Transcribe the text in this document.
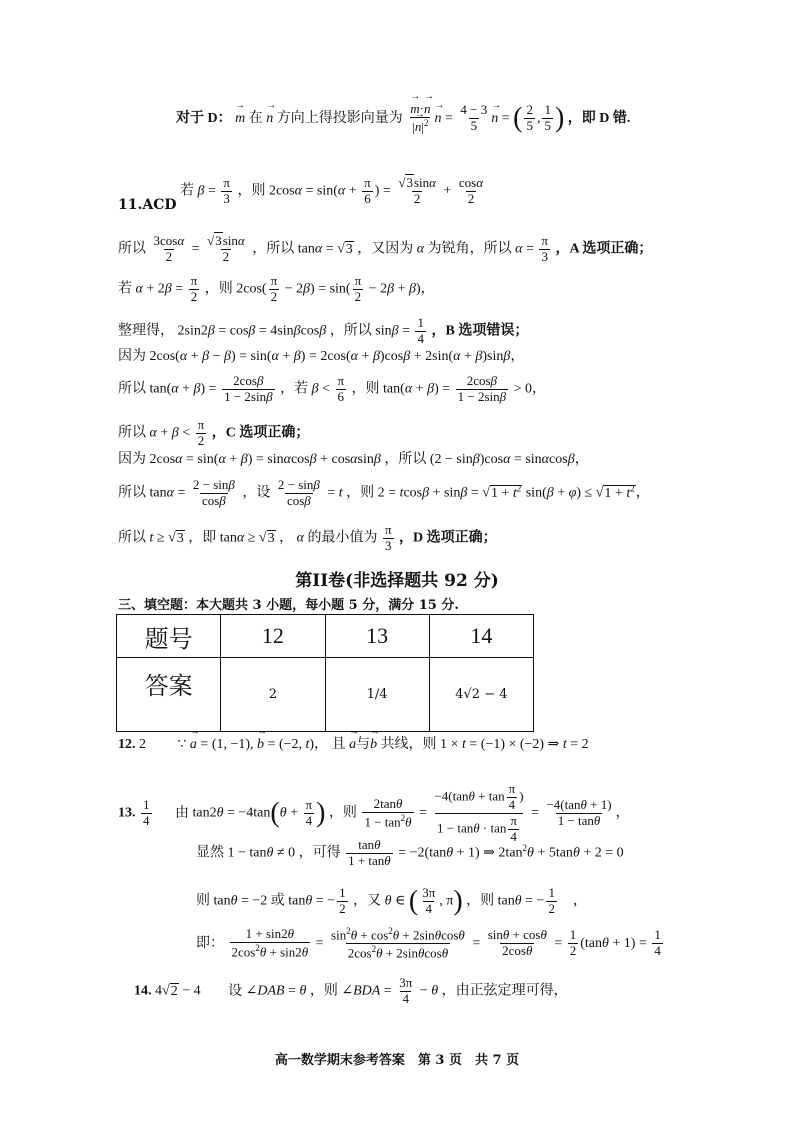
对于 D： → m 在 → n 方向上得投影向量为 → $\frac{m\cdot\to n}{|\to n|^2} \to n = \frac{4 - 3}{5} \to n$ = ( $\frac{2}{5}$ , $\frac{1}{5}$ ) ，即 D 错.
若 $\beta = \frac{\pi}{3}$ ，则 $2\cos\alpha = \sin(\alpha + \frac{\pi}{6}$ ) = $\frac{√3\sin\alpha}{2} + \frac{\cos\alpha}{2}$
11.ACD
所以 $\frac{3\cos\alpha}{2} = \frac{√3\sin\alpha}{2}$ ，所以 tanα = √3 ，又因为 α 为锐角，所以 $\alpha = \frac{\pi}{3}$ ，A 选项正确；
若 $\alpha + 2\beta = \frac{\pi}{2}$ ，则 $2\cos( \frac{\pi}{2} - 2\beta) = \sin( \frac{\pi}{2} - 2\beta + \beta)$，
整理得， 2sin2β = cosβ = 4sinβcosβ ，所以 $\sin\beta = \frac{1}{4}$ ，B 选项错误；
因为 2cos(α + β − β) = sin(α + β) = 2cos(α + β)cosβ + 2sin(α + β)sinβ，
所以 $\tan(\alpha + \beta) = \frac{2\cos\beta}{1 - 2\sin\beta}$ ，若 $\beta < \frac{\pi}{6}$ ，则 $\tan(\alpha + \beta) = \frac{2\cos\beta}{1 - 2\sin\beta} > 0$，
所以 $\alpha + \beta < \frac{\pi}{2}$ ，C 选项正确；
因为 2cosα = sin(α + β) = sinαcosβ + cosαsinβ ，所以 (2 − sinβ)cosα = sinαcosβ，
所以 $\tan\alpha = \frac{2 - \sin\beta}{\cos\beta}$ ，设 $\frac{2 - \sin\beta}{\cos\beta} = t$ ，则 $2 = tcos\beta + \sin\beta = √1 + t^2$ $\sin(\beta + \varphi) \le √1 + t^2$，
所以 t ≥ √3 ，即 tanα ≥ √3 ， α 的最小值为 $\frac{\pi}{3}$ ，D 选项正确；
第II卷(非选择题共 92 分)
三、填空题：本大题共 3 小题，每小题 5 分，满分 15 分.
题号	12	13	14
答案	2	1/4	4√2 − 4
12. 2 ∵ → a = (1, −1), → b = (−2, t)， 且 → a与→ b 共线，则 1 × t = (−1) × (−2) ⇒ t = 2
13. $\frac{1}{4}$ 由 $\tan 2\theta = -4\tan(\theta + \frac{\pi}{4}$ ) ，则 $\frac{2\tan\theta}{1 - \tan^2\theta} = \frac{-4(\tan\theta + \tan \frac{\pi}{4} )}{1 - \tan\theta \cdot \tan \frac{\pi}{4}} = \frac{-4(\tan\theta + 1)}{1 - \tan\theta}$ ，
显然 1 − tanθ ≠ 0 ，可得 $\frac{\tan\theta}{1 + \tan\theta} = -2(\tan\theta + 1)$ ⇒ $2\tan^2\theta + 5\tan\theta + 2 = 0$
则 tanθ = −2 或 tanθ = − $\frac{1}{2}$ ，又 θ ∈ ( $\frac{3\pi}{4}$ , π) ，则 tanθ = − $\frac{1}{2}$ 　，
即： $\frac{1 + \sin 2\theta}{2\cos^2\theta + \sin 2\theta} = \frac{\sin^2\theta + \cos^2\theta + 2\sin\theta\cos\theta}{2\cos^2\theta + 2\sin\theta\cos\theta} = \frac{\sin\theta + \cos\theta}{2\cos\theta} = \frac{1}{2} (\tan\theta + 1) = \frac{1}{4}$
14. 4√2 − 4 设 ∠DAB = θ ，则 ∠BDA = $\frac{3\pi}{4} - \theta$ ，由正弦定理可得，
高一数学期末参考答案　第 3 页　共 7 页
